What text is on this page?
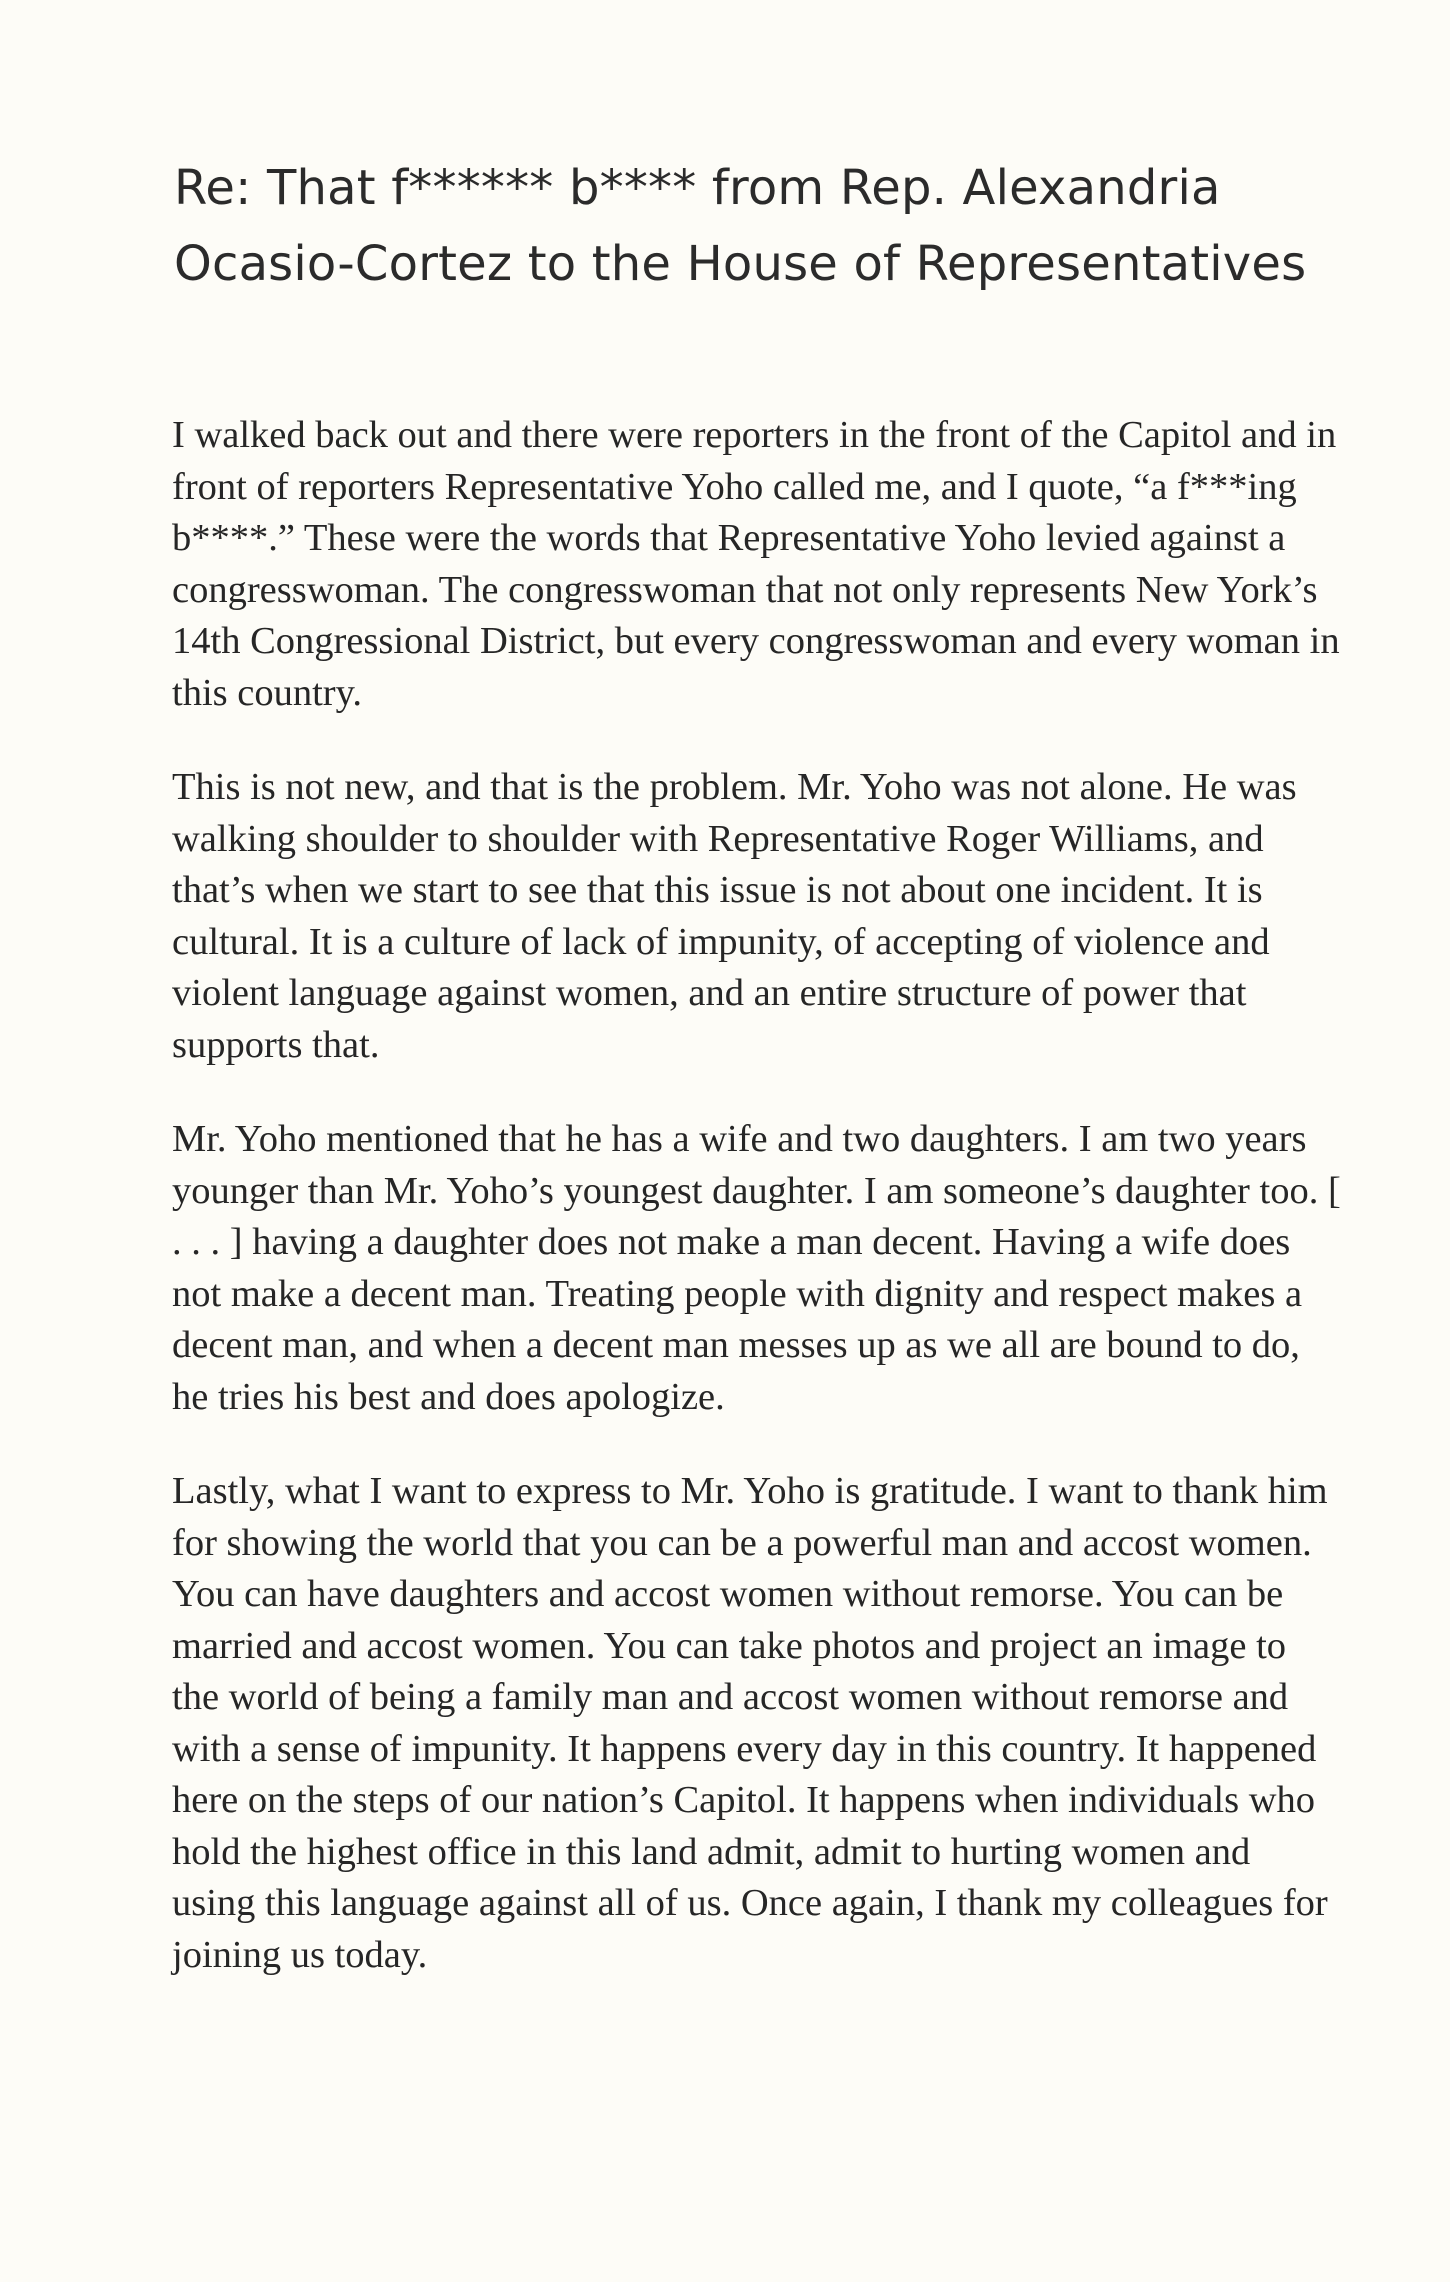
Re: That f****** b**** from Rep. Alexandria
Ocasio-Cortez to the House of Representatives

I walked back out and there were reporters in the front of the Capitol and in front of reporters Representative Yoho called me, and I quote, “a f***ing b****.” These were the words that Representative Yoho levied against a congresswoman. The congresswoman that not only represents New York’s 14th Congressional District, but every congresswoman and every woman in this country.

This is not new, and that is the problem. Mr. Yoho was not alone. He was walking shoulder to shoulder with Representative Roger Williams, and that’s when we start to see that this issue is not about one incident. It is cultural. It is a culture of lack of impunity, of accepting of violence and violent language against women, and an entire structure of power that supports that.

Mr. Yoho mentioned that he has a wife and two daughters. I am two years younger than Mr. Yoho’s youngest daughter. I am someone’s daughter too. [ . . . ] having a daughter does not make a man decent. Having a wife does not make a decent man. Treating people with dignity and respect makes a decent man, and when a decent man messes up as we all are bound to do, he tries his best and does apologize.

Lastly, what I want to express to Mr. Yoho is gratitude. I want to thank him for showing the world that you can be a powerful man and accost women. You can have daughters and accost women without remorse. You can be married and accost women. You can take photos and project an image to the world of being a family man and accost women without remorse and with a sense of impunity. It happens every day in this country. It happened here on the steps of our nation’s Capitol. It happens when individuals who hold the highest office in this land admit, admit to hurting women and using this language against all of us. Once again, I thank my colleagues for joining us today.
